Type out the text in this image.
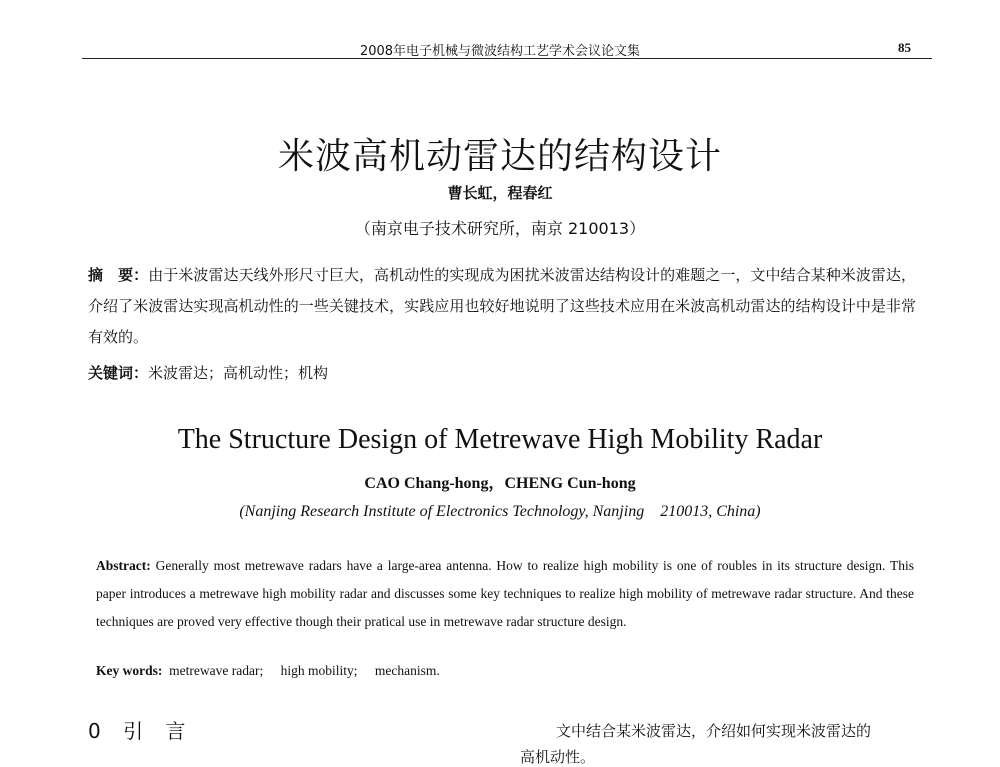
2008年电子机械与微波结构工艺学术会议论文集	85
米波高机动雷达的结构设计
曹长虹，程春红
（南京电子技术研究所，南京 210013）
摘　要：由于米波雷达天线外形尺寸巨大，高机动性的实现成为困扰米波雷达结构设计的难题之一，文中结合某种米波雷达，介绍了米波雷达实现高机动性的一些关键技术，实践应用也较好地说明了这些技术应用在米波高机动雷达的结构设计中是非常有效的。
关键词：米波雷达；高机动性；机构
The Structure Design of Metrewave High Mobility Radar
CAO Chang-hong，CHENG Cun-hong
(Nanjing Research Institute of Electronics Technology, Nanjing　210013, China)
Abstract: Generally most metrewave radars have a large-area antenna. How to realize high mobility is one of roubles in its structure design. This paper introduces a metrewave high mobility radar and discusses some key techniques to realize high mobility of metrewave radar structure. And these techniques are proved very effective though their pratical use in metrewave radar structure design.
Key words: metrewave radar; high mobility; mechanism.
0 引 言	文中结合某米波雷达，介绍如何实现米波雷达的
高机动性。
